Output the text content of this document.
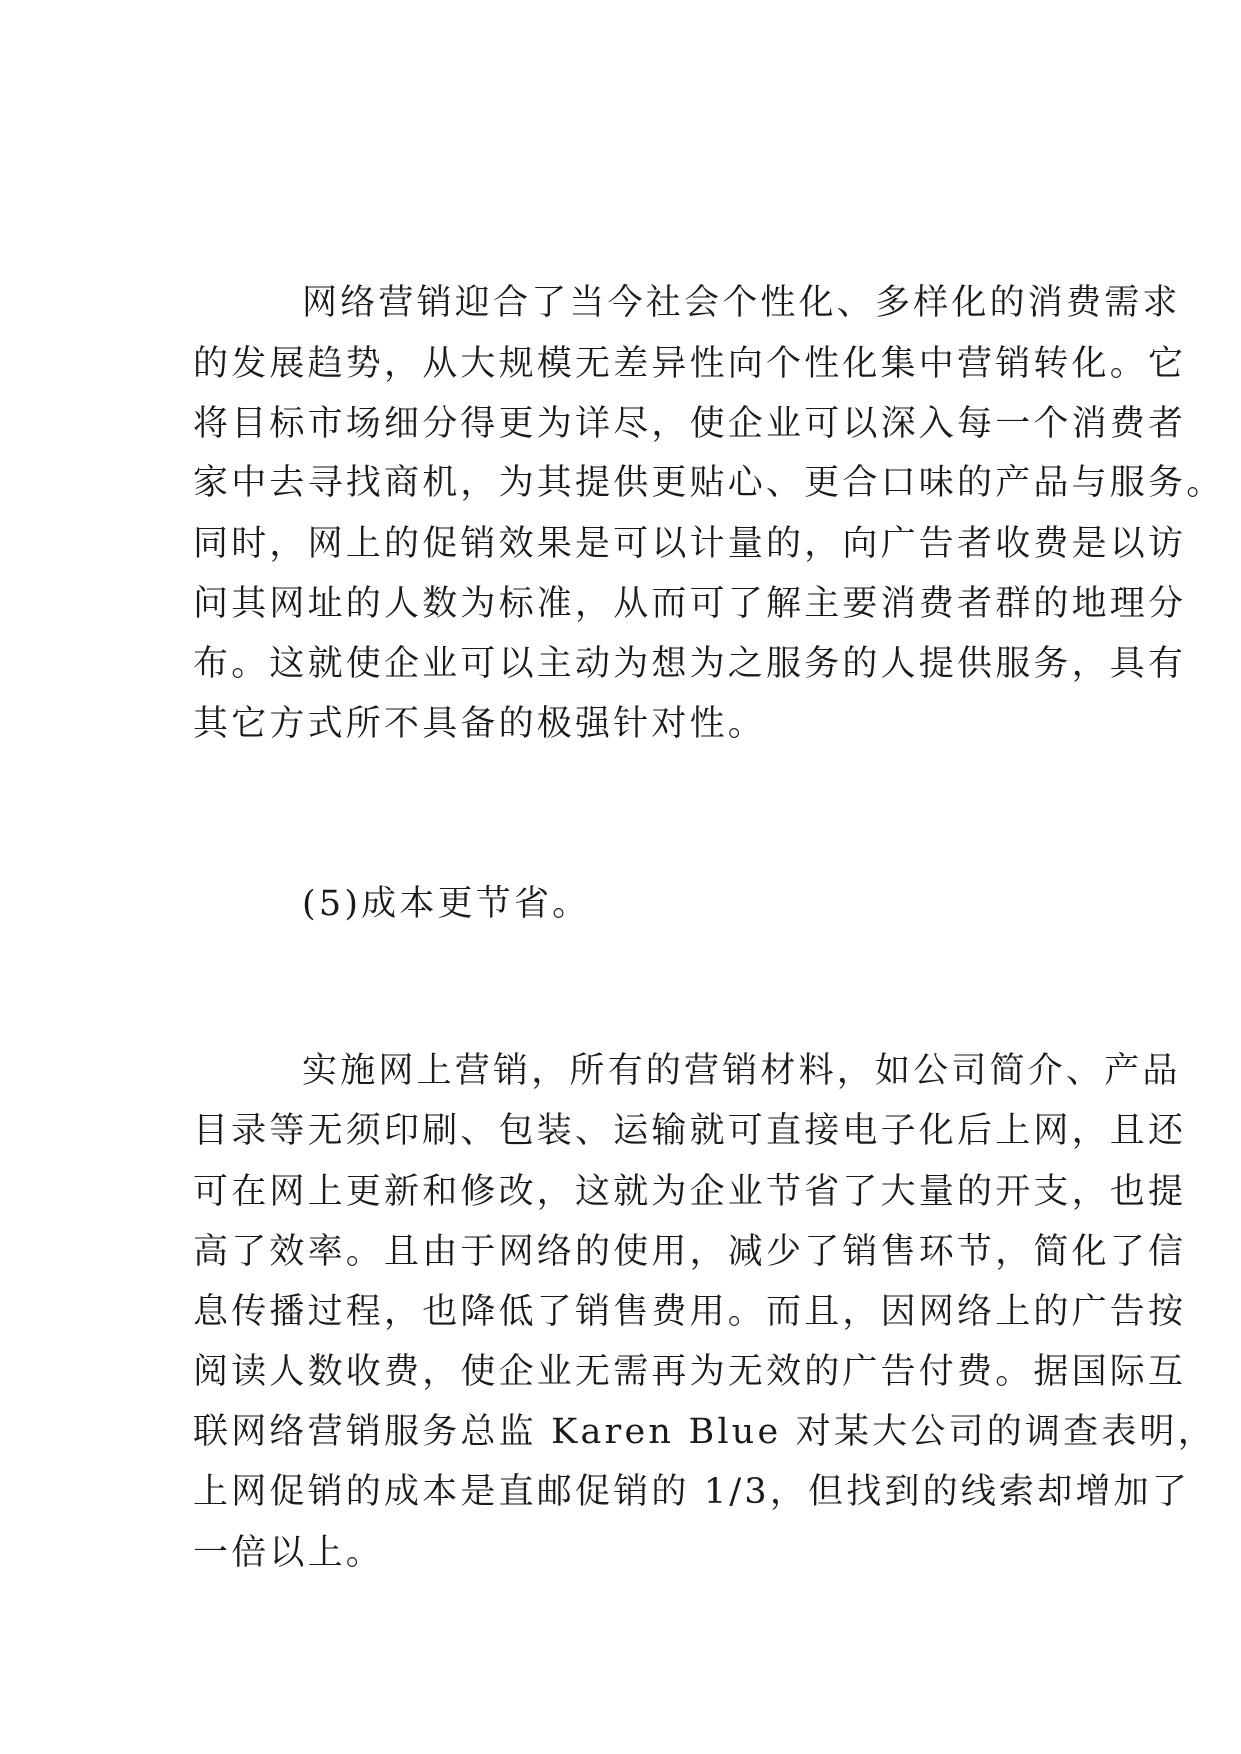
网络营销迎合了当今社会个性化、多样化的消费需求

的发展趋势，从大规模无差异性向个性化集中营销转化。它

将目标市场细分得更为详尽，使企业可以深入每一个消费者

家中去寻找商机，为其提供更贴心、更合口味的产品与服务。

同时，网上的促销效果是可以计量的，向广告者收费是以访

问其网址的人数为标准，从而可了解主要消费者群的地理分

布。这就使企业可以主动为想为之服务的人提供服务，具有

其它方式所不具备的极强针对性。

(5)成本更节省。

实施网上营销，所有的营销材料，如公司简介、产品

目录等无须印刷、包装、运输就可直接电子化后上网，且还

可在网上更新和修改，这就为企业节省了大量的开支，也提

高了效率。且由于网络的使用，减少了销售环节，简化了信

息传播过程，也降低了销售费用。而且，因网络上的广告按

阅读人数收费，使企业无需再为无效的广告付费。据国际互

联网络营销服务总监 Karen Blue 对某大公司的调查表明，

上网促销的成本是直邮促销的 1/3，但找到的线索却增加了

一倍以上。
